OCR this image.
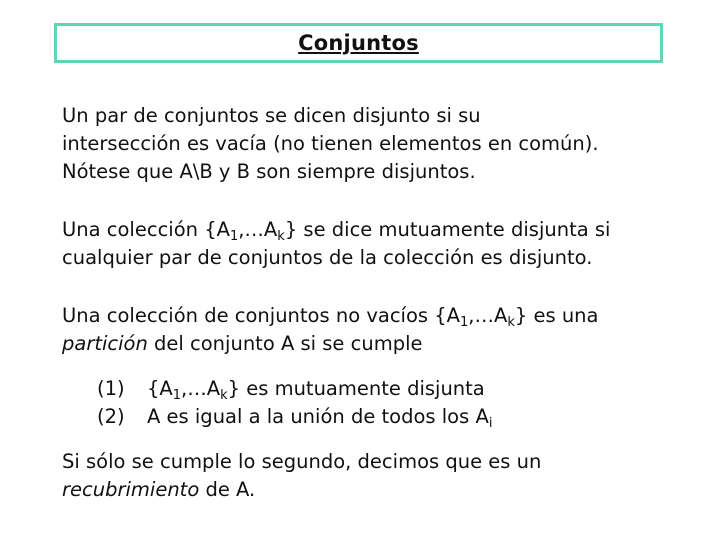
Conjuntos

Un par de conjuntos se dicen disjunto si su
intersección es vacía (no tienen elementos en común).
Nótese que A\B y B son siempre disjuntos.

Una colección $\{A_1,\dots A_k\}$ se dice mutuamente disjunta si
cualquier par de conjuntos de la colección es disjunto.

Una colección de conjuntos no vacíos $\{A_1,\dots A_k\}$ es una
partición del conjunto A si se cumple

(1) $\{A_1,\dots A_k\}$ es mutuamente disjunta
(2) A es igual a la unión de todos los $A_i$

Si sólo se cumple lo segundo, decimos que es un
recubrimiento de A.
